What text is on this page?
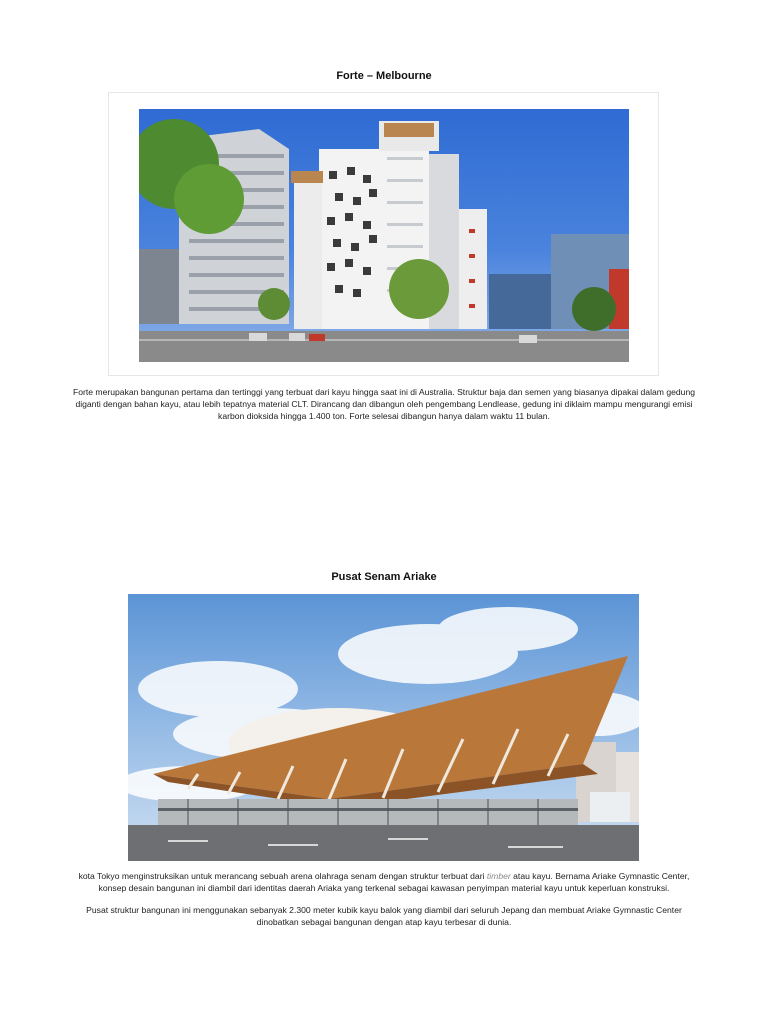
Forte – Melbourne
Forte merupakan bangunan pertama dan tertinggi yang terbuat dari kayu hingga saat ini di Australia. Struktur baja dan semen yang biasanya dipakai dalam gedung
diganti dengan bahan kayu, atau lebih tepatnya material CLT. Dirancang dan dibangun oleh pengembang Lendlease, gedung ini diklaim mampu mengurangi emisi
karbon dioksida hingga 1.400 ton. Forte selesai dibangun hanya dalam waktu 11 bulan.
Pusat Senam Ariake
kota Tokyo menginstruksikan untuk merancang sebuah arena olahraga senam dengan struktur terbuat dari timber atau kayu. Bernama Ariake Gymnastic Center,
konsep desain bangunan ini diambil dari identitas daerah Ariaka yang terkenal sebagai kawasan penyimpan material kayu untuk keperluan konstruksi.
Pusat struktur bangunan ini menggunakan sebanyak 2.300 meter kubik kayu balok yang diambil dari seluruh Jepang dan membuat Ariake Gymnastic Center
dinobatkan sebagai bangunan dengan atap kayu terbesar di dunia.
